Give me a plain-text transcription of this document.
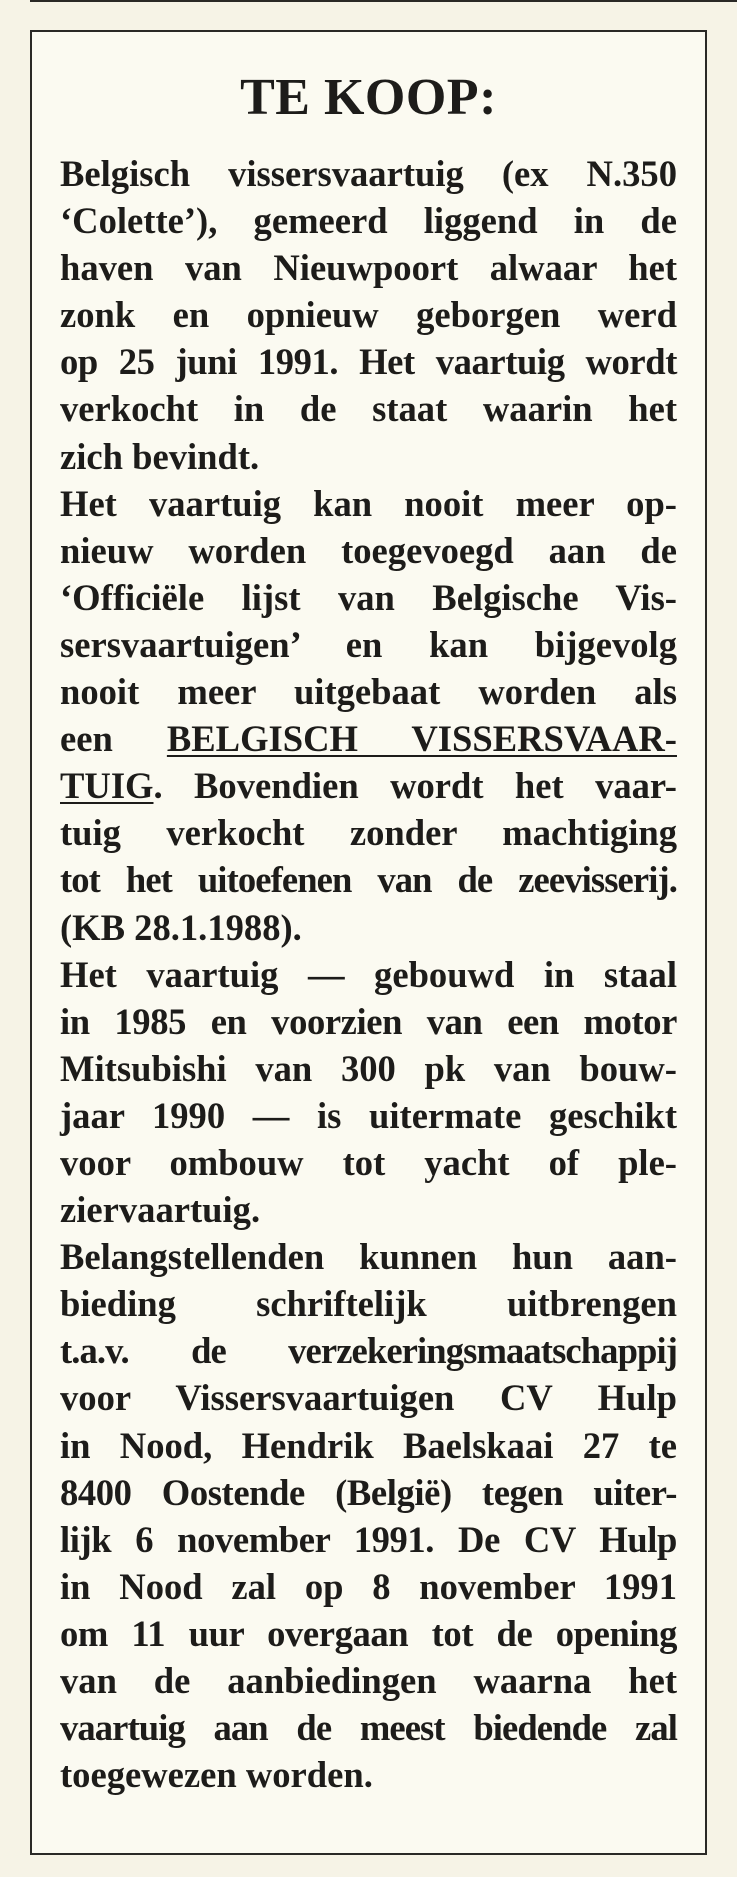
TE KOOP:
Belgisch vissersvaartuig (ex N.350
‘Colette’), gemeerd liggend in de
haven van Nieuwpoort alwaar het
zonk en opnieuw geborgen werd
op 25 juni 1991. Het vaartuig wordt
verkocht in de staat waarin het
zich bevindt.
Het vaartuig kan nooit meer op-
nieuw worden toegevoegd aan de
‘Officiële lijst van Belgische Vis-
sersvaartuigen’ en kan bijgevolg
nooit meer uitgebaat worden als
een BELGISCH VISSERSVAAR-
TUIG. Bovendien wordt het vaar-
tuig verkocht zonder machtiging
tot het uitoefenen van de zeevisserij.
(KB 28.1.1988).
Het vaartuig — gebouwd in staal
in 1985 en voorzien van een motor
Mitsubishi van 300 pk van bouw-
jaar 1990 — is uitermate geschikt
voor ombouw tot yacht of ple-
ziervaartuig.
Belangstellenden kunnen hun aan-
bieding schriftelijk uitbrengen
t.a.v. de verzekeringsmaatschappij
voor Vissersvaartuigen CV Hulp
in Nood, Hendrik Baelskaai 27 te
8400 Oostende (België) tegen uiter-
lijk 6 november 1991. De CV Hulp
in Nood zal op 8 november 1991
om 11 uur overgaan tot de opening
van de aanbiedingen waarna het
vaartuig aan de meest biedende zal
toegewezen worden.
